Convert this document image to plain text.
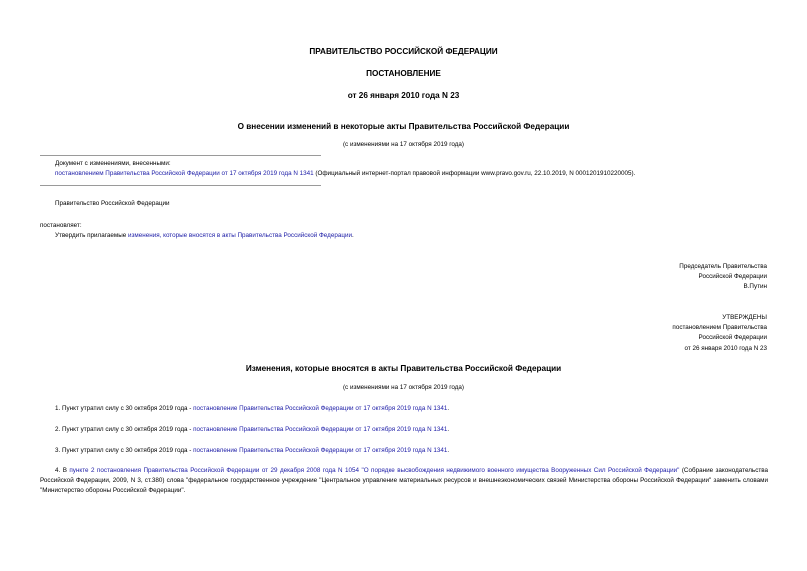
ПРАВИТЕЛЬСТВО РОССИЙСКОЙ ФЕДЕРАЦИИ
ПОСТАНОВЛЕНИЕ
от 26 января 2010 года N 23
О внесении изменений в некоторые акты Правительства Российской Федерации
(с изменениями на 17 октября 2019 года)
Документ с изменениями, внесенными:
постановлением Правительства Российской Федерации от 17 октября 2019 года N 1341 (Официальный интернет-портал правовой информации www.pravo.gov.ru, 22.10.2019, N 0001201910220005).
Правительство Российской Федерации
постановляет:
Утвердить прилагаемые изменения, которые вносятся в акты Правительства Российской Федерации.
Председатель Правительства
Российской Федерации
В.Путин
УТВЕРЖДЕНЫ
постановлением Правительства
Российской Федерации
от 26 января 2010 года N 23
Изменения, которые вносятся в акты Правительства Российской Федерации
(с изменениями на 17 октября 2019 года)
1. Пункт утратил силу с 30 октября 2019 года - постановление Правительства Российской Федерации от 17 октября 2019 года N 1341.
2. Пункт утратил силу с 30 октября 2019 года - постановление Правительства Российской Федерации от 17 октября 2019 года N 1341.
3. Пункт утратил силу с 30 октября 2019 года - постановление Правительства Российской Федерации от 17 октября 2019 года N 1341.
4. В пункте 2 постановления Правительства Российской Федерации от 29 декабря 2008 года N 1054 "О порядке высвобождения недвижимого военного имущества Вооруженных Сил Российской Федерации" (Собрание законодательства Российской Федерации, 2009, N 3, ст.380) слова "федеральное государственное учреждение "Центральное управление материальных ресурсов и внешнеэкономических связей Министерства обороны Российской Федерации" заменить словами "Министерство обороны Российской Федерации".
